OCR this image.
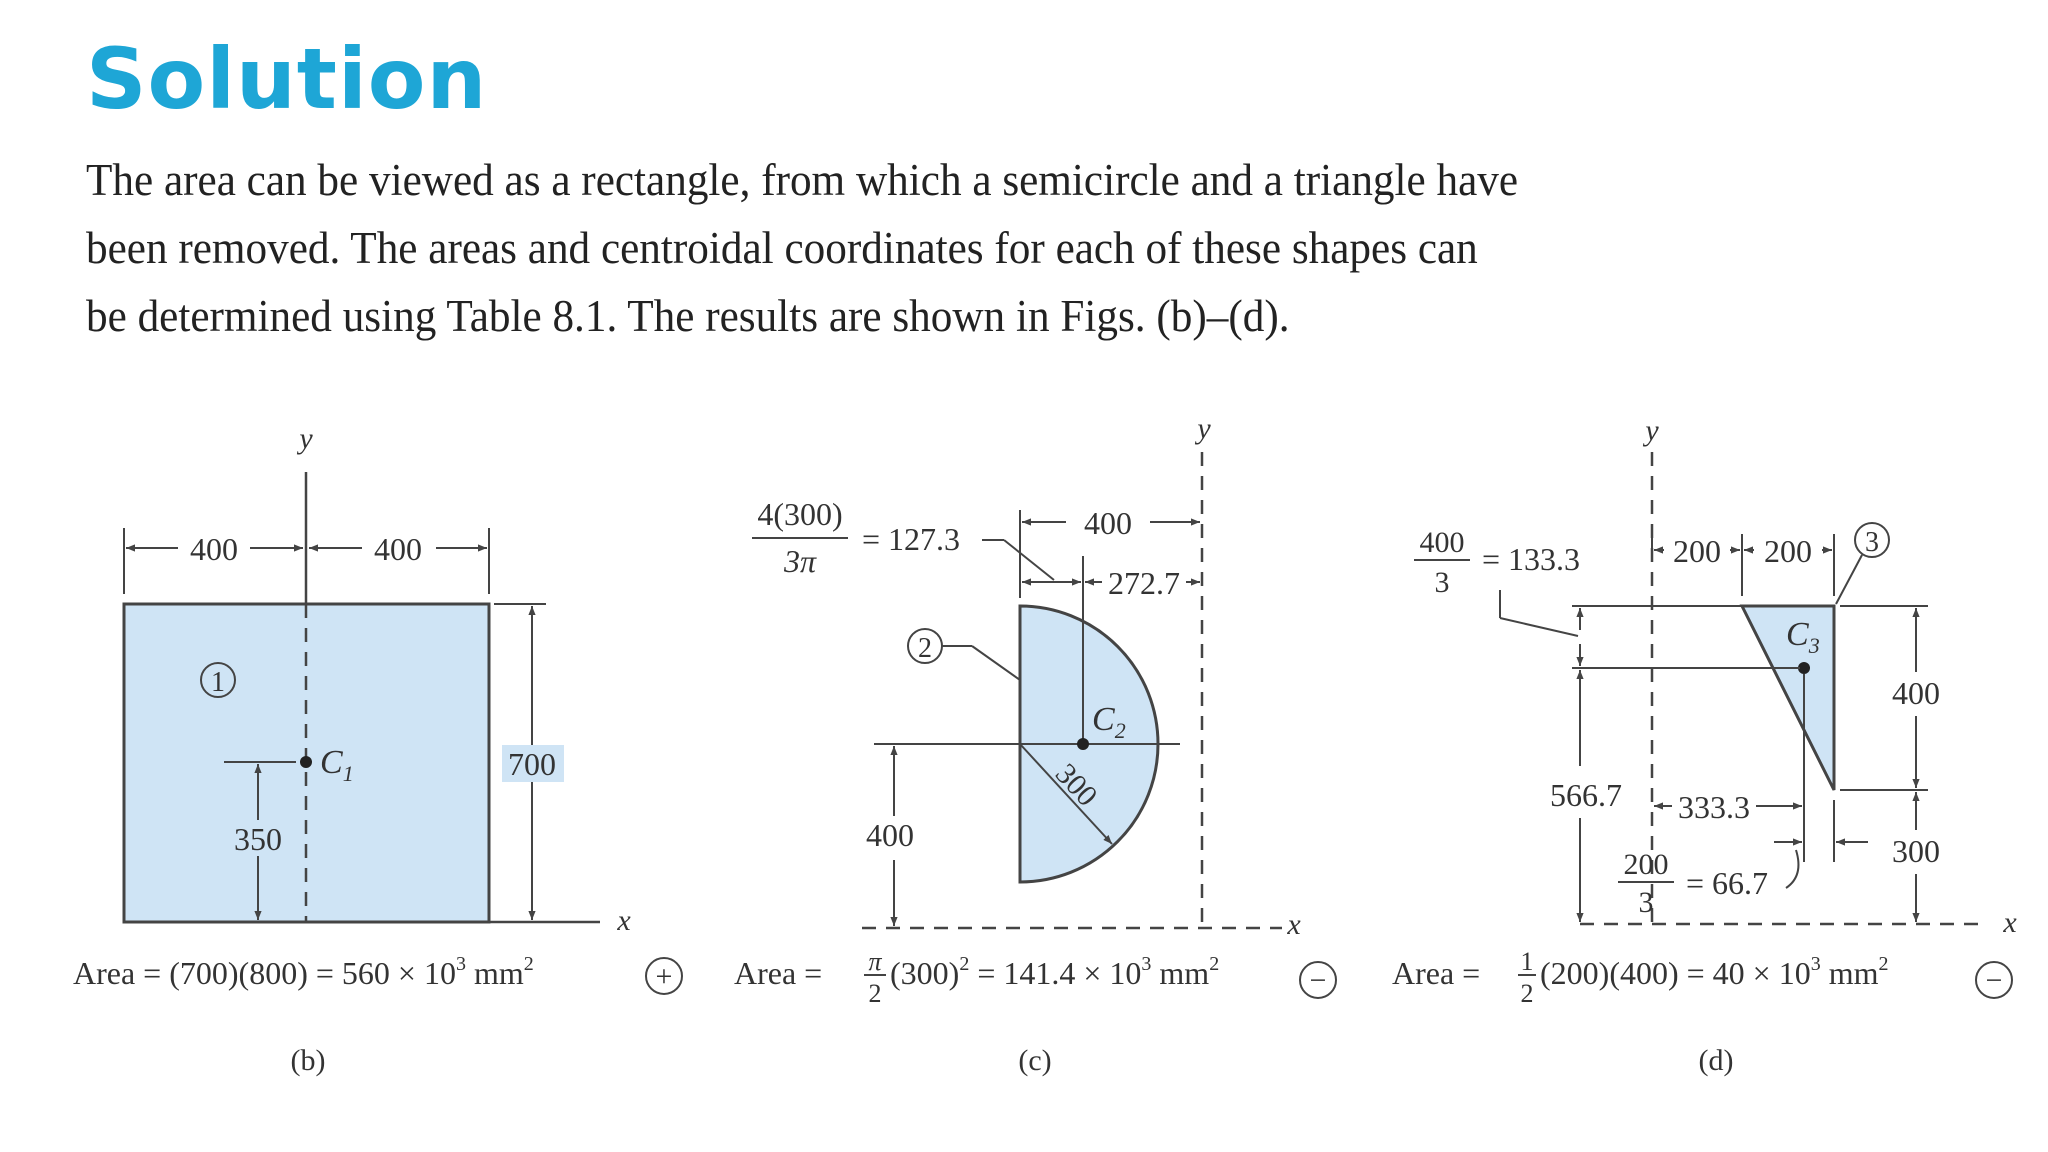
Solution
The area can be viewed as a rectangle, from which a semicircle and a triangle have
been removed. The areas and centroidal coordinates for each of these shapes can
be determined using Table 8.1. The results are shown in Figs. (b)–(d).
y
x
400	400
700
350
$C_1$
1
Area = $(700)(800) = 560 \times 10^3$ $mm^2$	+
(b)
y
x
300
$C_2$
400
272.7
4(300)
3π
= 127.3
2
400
Area = π
2
$(300)^2 = 141.4 \times 10^3$ $mm^2$	−
(c)
y
x
200 200 3
$C_3$
400
3
= 133.3
566.7
400
300
333.3
200
3
= 66.7
Area = 1
2
$(200)(400) = 40 \times 10^3$ $mm^2$	−
(d)
